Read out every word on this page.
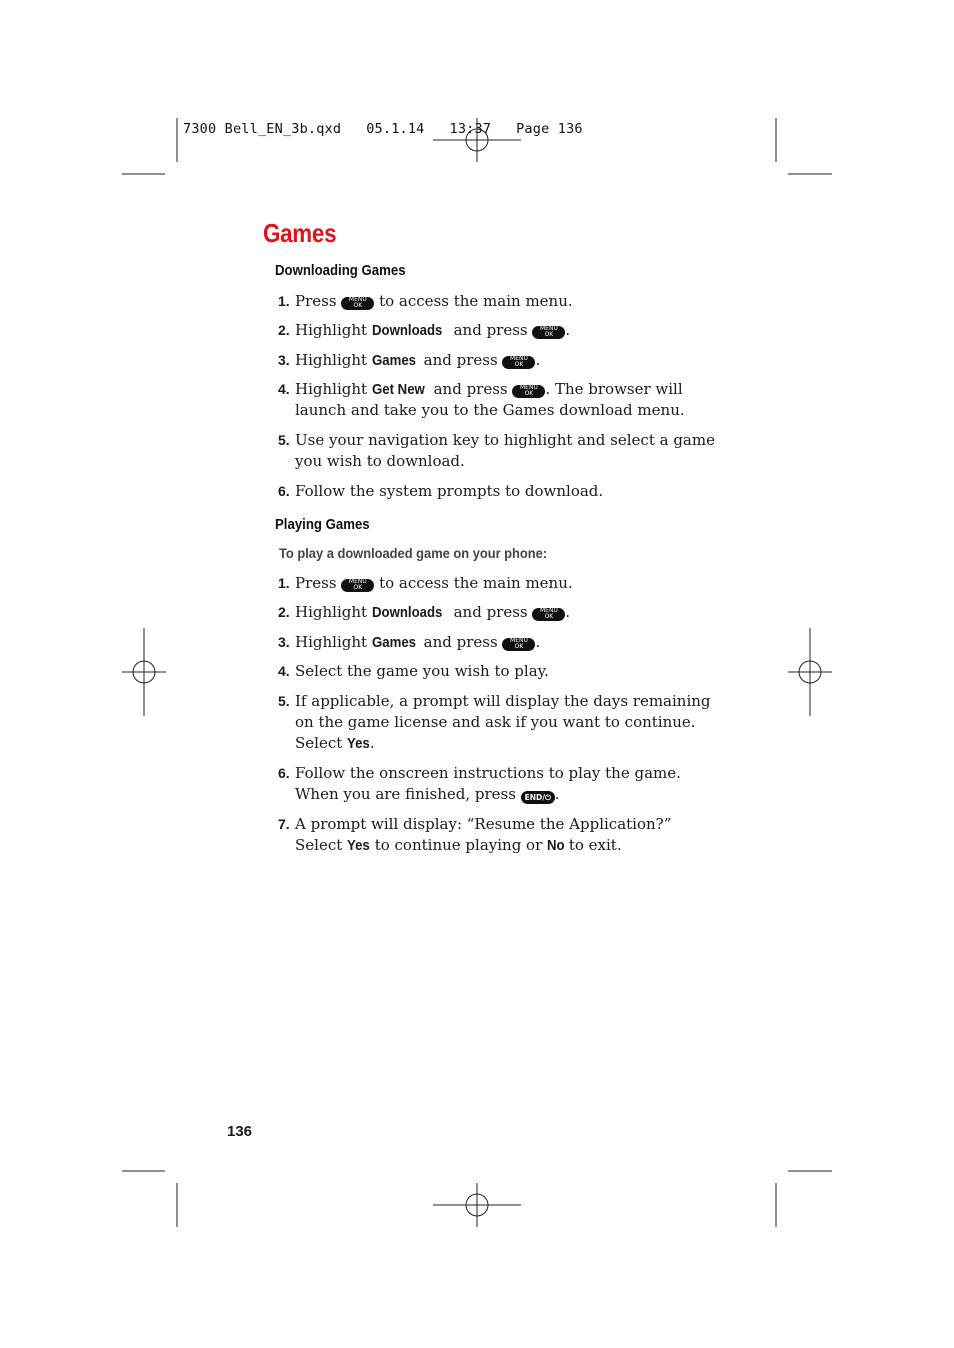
7300 Bell_EN_3b.qxd   05.1.14   13:37   Page 136
Games
Downloading Games
1. Press	MENU
OK	to access the main menu.
2. Highlight Downloads and press	MENU
OK .
3. Highlight Games and press	MENU
OK .
4. Highlight Get New and press	MENU
OK . The browser will launch and take you to the Games download menu.
5. Use your navigation key to highlight and select a game you wish to download.
6. Follow the system prompts to download.
Playing Games
To play a downloaded game on your phone:
1. Press	MENU
OK	to access the main menu.
2. Highlight Downloads and press	MENU
OK .
3. Highlight Games and press	MENU
OK .
4. Select the game you wish to play.
5. If applicable, a prompt will display the days remaining
on the game license and ask if you want to continue.
Select Yes.
6. Follow the onscreen instructions to play the game. When you are finished, press END/⏻ .
7. A prompt will display: “Resume the Application?”
Select Yes to continue playing or No to exit.
136
